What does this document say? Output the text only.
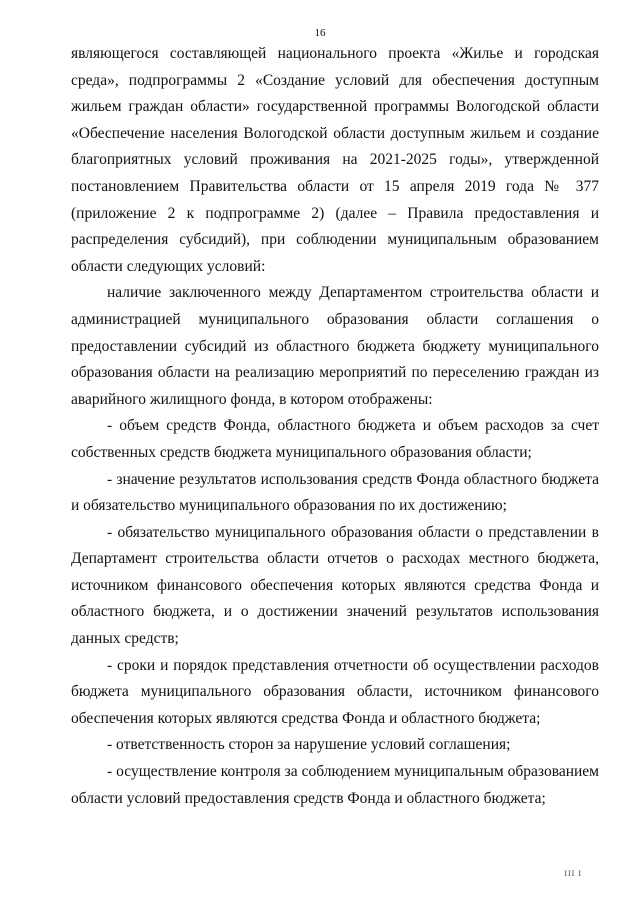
16

являющегося составляющей национального проекта «Жилье и городская среда», подпрограммы 2 «Создание условий для обеспечения доступным жильем граждан области» государственной программы Вологодской области «Обеспечение населения Вологодской области доступным жильем и создание благоприятных условий проживания на 2021-2025 годы», утвержденной постановлением Правительства области от 15 апреля 2019 года № 377 (приложение 2 к подпрограмме 2) (далее – Правила предоставления и распределения субсидий), при соблюдении муниципальным образованием области следующих условий:

наличие заключенного между Департаментом строительства области и администрацией муниципального образования области соглашения о предоставлении субсидий из областного бюджета бюджету муниципального образования области на реализацию мероприятий по переселению граждан из аварийного жилищного фонда, в котором отображены:

- объем средств Фонда, областного бюджета и объем расходов за счет собственных средств бюджета муниципального образования области;

- значение результатов использования средств Фонда областного бюджета и обязательство муниципального образования по их достижению;

- обязательство муниципального образования области о представлении в Департамент строительства области отчетов о расходах местного бюджета, источником финансового обеспечения которых являются средства Фонда и областного бюджета, и о достижении значений результатов использования данных средств;

- сроки и порядок представления отчетности об осуществлении расходов бюджета муниципального образования области, источником финансового обеспечения которых являются средства Фонда и областного бюджета;

- ответственность сторон за нарушение условий соглашения;

- осуществление контроля за соблюдением муниципальным образованием области условий предоставления средств Фонда и областного бюджета;

III I
